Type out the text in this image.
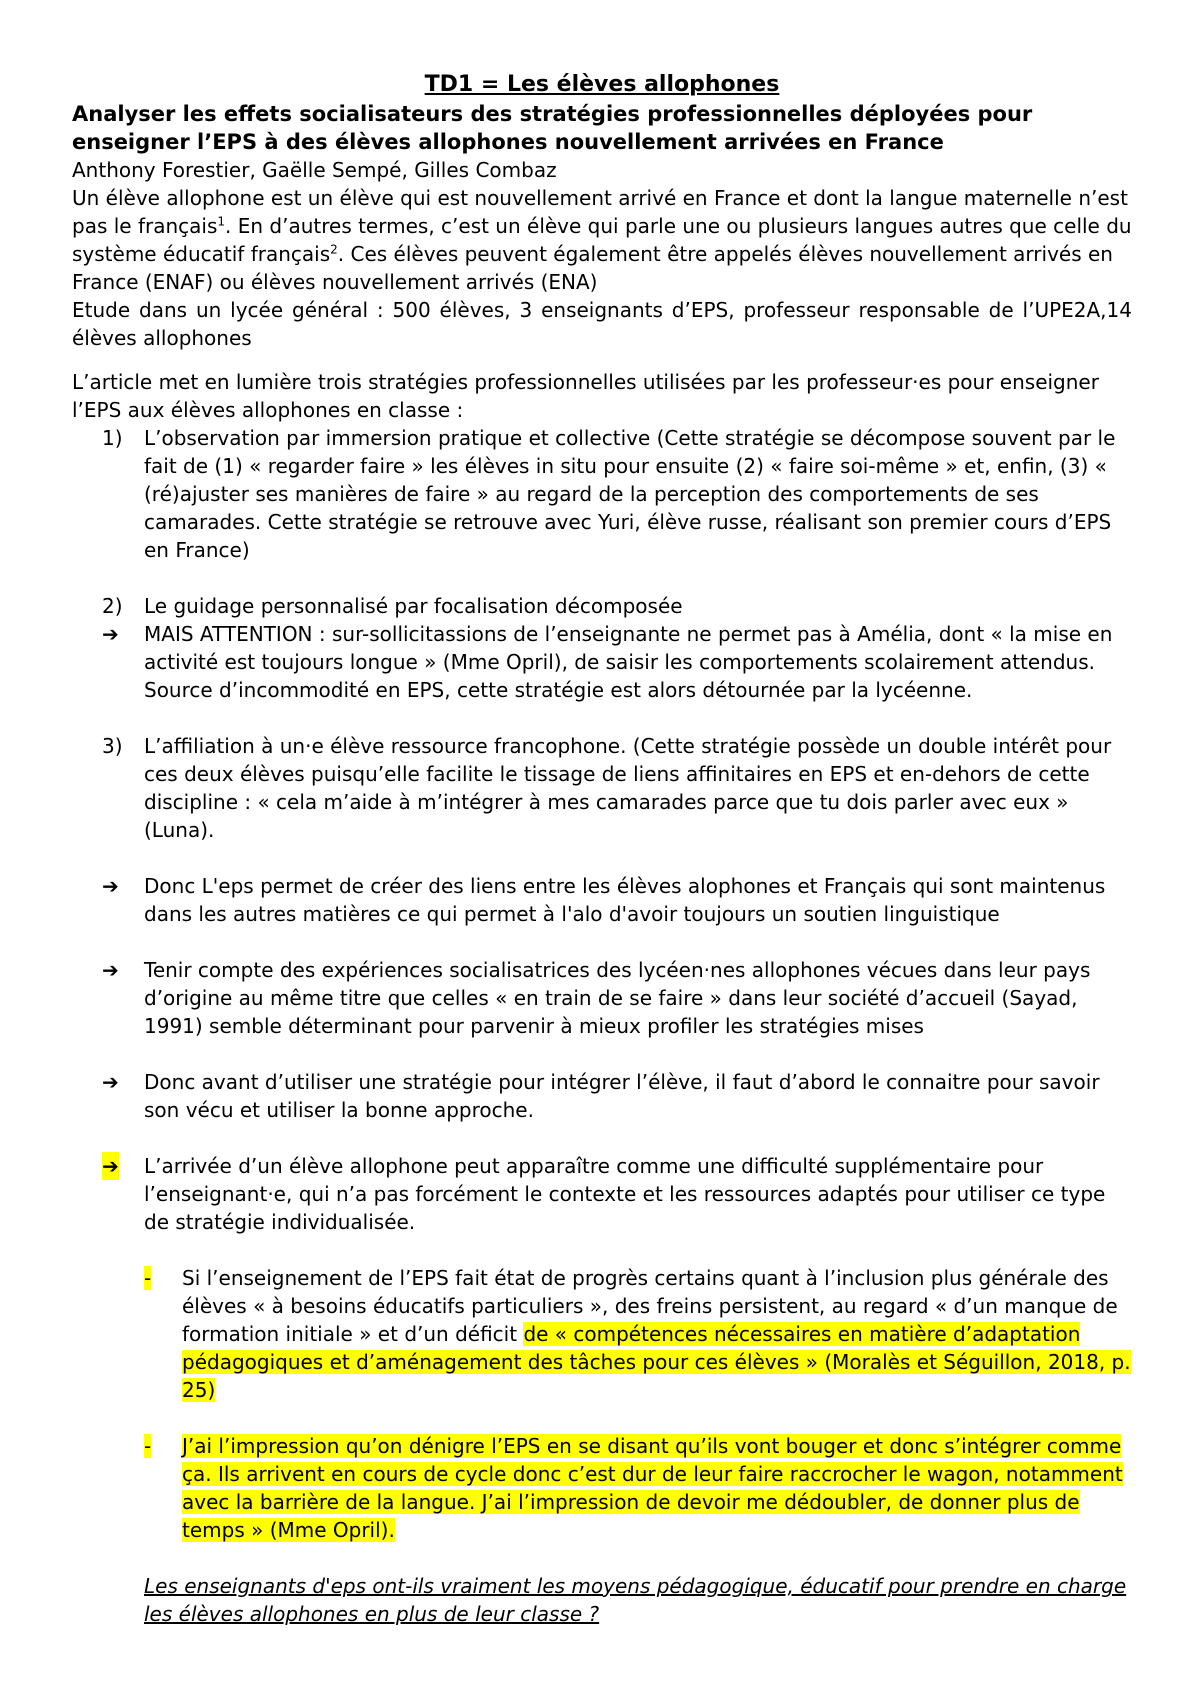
TD1 = Les élèves allophones

Analyser les effets socialisateurs des stratégies professionnelles déployées pour enseigner l’EPS à des élèves allophones nouvellement arrivées en France

Anthony Forestier, Gaëlle Sempé, Gilles Combaz

Un élève allophone est un élève qui est nouvellement arrivé en France et dont la langue maternelle n’est pas le français$^1$. En d’autres termes, c’est un élève qui parle une ou plusieurs langues autres que celle du système éducatif français$^2$. Ces élèves peuvent également être appelés élèves nouvellement arrivés en France (ENAF) ou élèves nouvellement arrivés (ENA)

Etude dans un lycée général : 500 élèves, 3 enseignants d’EPS, professeur responsable de l’UPE2A,14 élèves allophones

L’article met en lumière trois stratégies professionnelles utilisées par les professeur·es pour enseigner l’EPS aux élèves allophones en classe :

1)	L’observation par immersion pratique et collective (Cette stratégie se décompose souvent par le fait de (1) « regarder faire » les élèves in situ pour ensuite (2) « faire soi-même » et, enfin, (3) « (ré)ajuster ses manières de faire » au regard de la perception des comportements de ses camarades. Cette stratégie se retrouve avec Yuri, élève russe, réalisant son premier cours d’EPS en France)
2)	Le guidage personnalisé par focalisation décomposée
➔	MAIS ATTENTION : sur-sollicitassions de l’enseignante ne permet pas à Amélia, dont « la mise en activité est toujours longue » (Mme Opril), de saisir les comportements scolairement attendus. Source d’incommodité en EPS, cette stratégie est alors détournée par la lycéenne.
3)	L’affiliation à un·e élève ressource francophone. (Cette stratégie possède un double intérêt pour ces deux élèves puisqu’elle facilite le tissage de liens affinitaires en EPS et en-dehors de cette discipline : « cela m’aide à m’intégrer à mes camarades parce que tu dois parler avec eux » (Luna).
➔	Donc L'eps permet de créer des liens entre les élèves alophones et Français qui sont maintenus dans les autres matières ce qui permet à l'alo d'avoir toujours un soutien linguistique
➔	Tenir compte des expériences socialisatrices des lycéen·nes allophones vécues dans leur pays d’origine au même titre que celles « en train de se faire » dans leur société d’accueil (Sayad, 1991) semble déterminant pour parvenir à mieux profiler les stratégies mises
➔	Donc avant d’utiliser une stratégie pour intégrer l’élève, il faut d’abord le connaitre pour savoir son vécu et utiliser la bonne approche.
➔	L’arrivée d’un élève allophone peut apparaître comme une difficulté supplémentaire pour l’enseignant·e, qui n’a pas forcément le contexte et les ressources adaptés pour utiliser ce type de stratégie individualisée.
-	Si l’enseignement de l’EPS fait état de progrès certains quant à l’inclusion plus générale des élèves « à besoins éducatifs particuliers », des freins persistent, au regard « d’un manque de formation initiale » et d’un déficit de « compétences nécessaires en matière d’adaptation pédagogiques et d’aménagement des tâches pour ces élèves » (Moralès et Séguillon, 2018, p. 25)
-	J’ai l’impression qu’on dénigre l’EPS en se disant qu’ils vont bouger et donc s’intégrer comme ça. Ils arrivent en cours de cycle donc c’est dur de leur faire raccrocher le wagon, notamment avec la barrière de la langue. J’ai l’impression de devoir me dédoubler, de donner plus de temps » (Mme Opril).

Les enseignants d'eps ont-ils vraiment les moyens pédagogique, éducatif pour prendre en charge les élèves allophones en plus de leur classe ?
